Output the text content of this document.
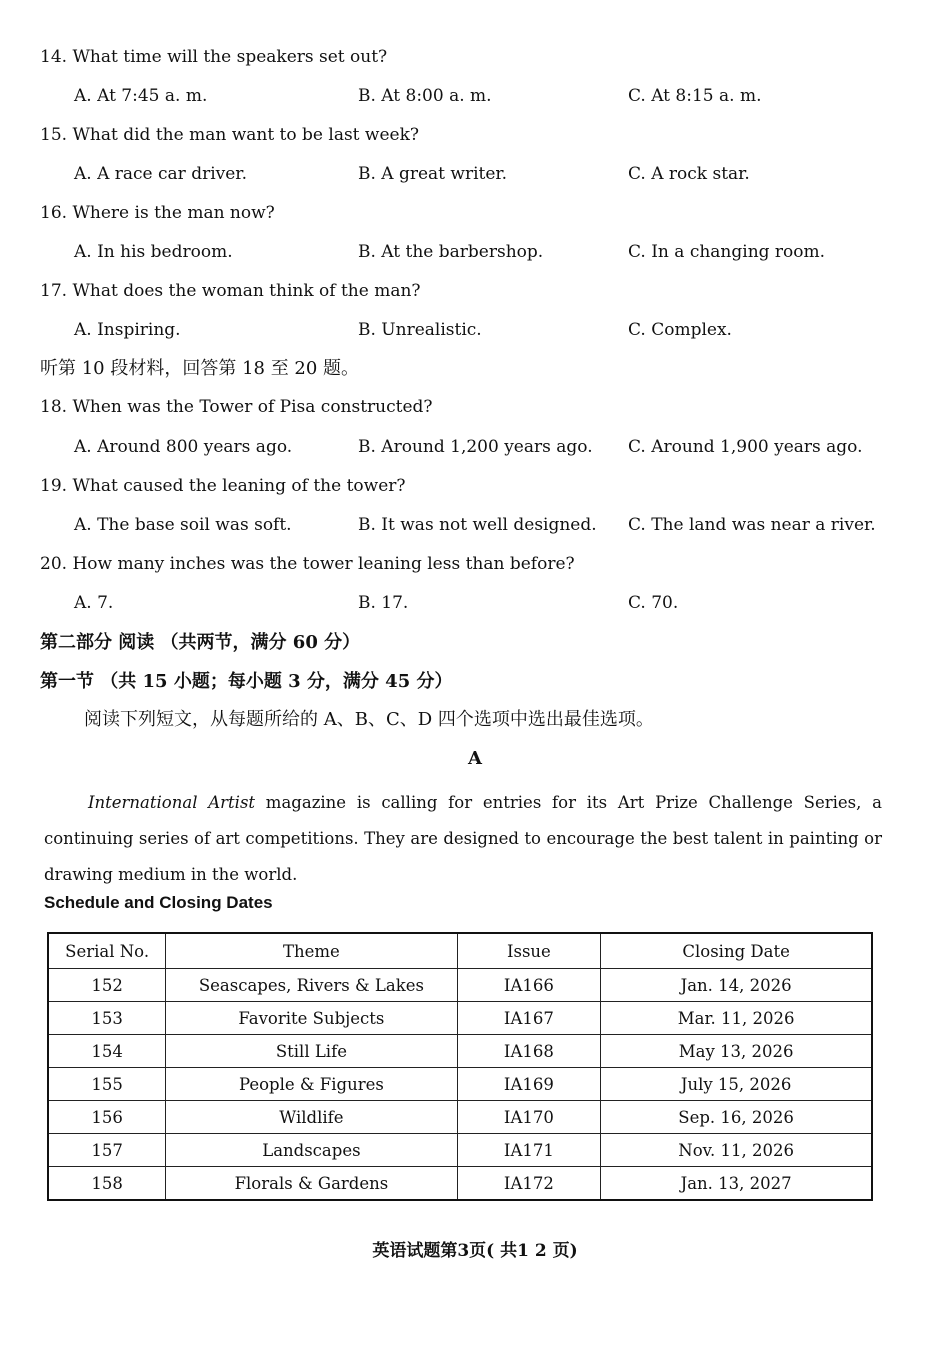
14. What time will the speakers set out?
A. At 7:45 a. m.	B. At 8:00 a. m.	C. At 8:15 a. m.
15. What did the man want to be last week?
A. A race car driver.	B. A great writer.	C. A rock star.
16. Where is the man now?
A. In his bedroom.	B. At the barbershop.	C. In a changing room.
17. What does the woman think of the man?
A. Inspiring.	B. Unrealistic.	C. Complex.
听第 10 段材料，回答第 18 至 20 题。
18. When was the Tower of Pisa constructed?
A. Around 800 years ago.	B. Around 1,200 years ago. C. Around 1,900 years ago.
19. What caused the leaning of the tower?
A. The base soil was soft.	B. It was not well designed. C. The land was near a river.
20. How many inches was the tower leaning less than before?
A. 7.	B. 17.	C. 70.
第二部分 阅读 （共两节，满分 60 分）
第一节 （共 15 小题；每小题 3 分，满分 45 分）
阅读下列短文，从每题所给的 A、B、C、D 四个选项中选出最佳选项。
A
International Artist magazine is calling for entries for its Art Prize Challenge Series, a continuing series of art competitions. They are designed to encourage the best talent in painting or drawing medium in the world.
Schedule and Closing Dates
Serial No.	Theme	Issue	Closing Date
152	Seascapes, Rivers & Lakes	IA166	Jan. 14, 2026
153	Favorite Subjects	IA167	Mar. 11, 2026
154	Still Life	IA168	May 13, 2026
155	People & Figures	IA169	July 15, 2026
156	Wildlife	IA170	Sep. 16, 2026
157	Landscapes	IA171	Nov. 11, 2026
158	Florals & Gardens	IA172	Jan. 13, 2027
英语试题第3页( 共1 2 页)
